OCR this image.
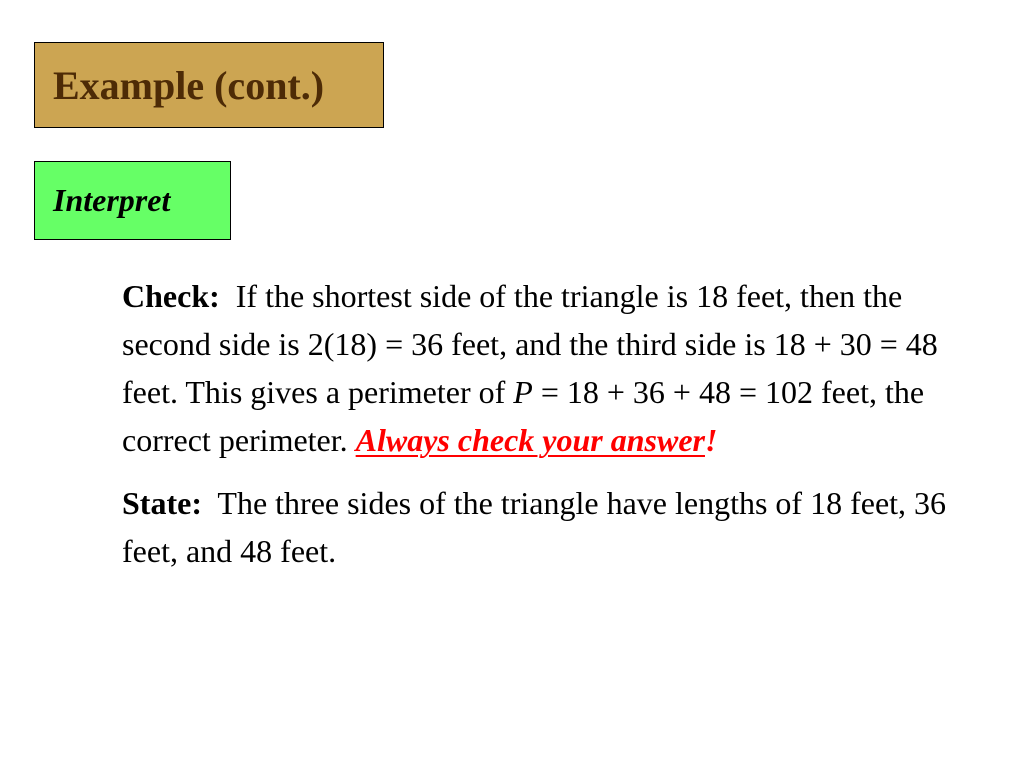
Example (cont.)
Interpret

Check: If the shortest side of the triangle is 18 feet, then the second side is 2(18) = 36 feet, and the third side is 18 + 30 = 48 feet. This gives a perimeter of P = 18 + 36 + 48 = 102 feet, the correct perimeter. Always check your answer!

State: The three sides of the triangle have lengths of 18 feet, 36 feet, and 48 feet.
